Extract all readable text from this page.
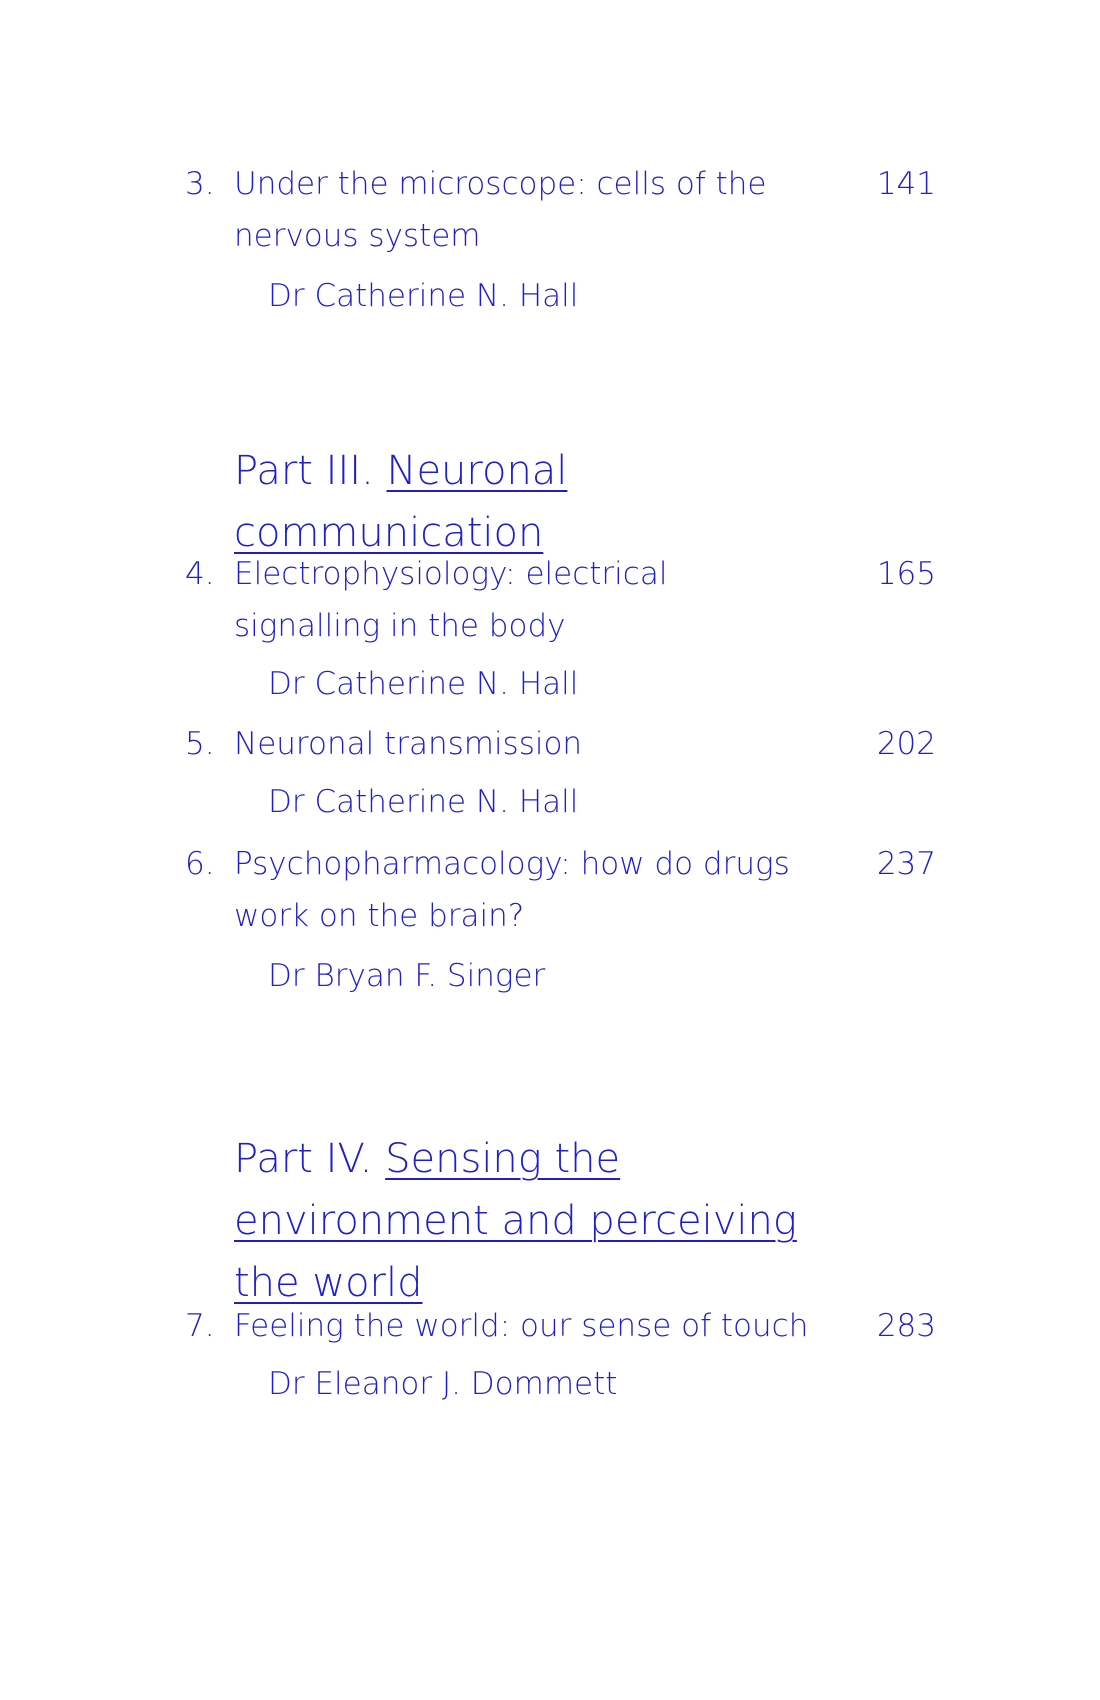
3. Under the microscope: cells of the nervous system
141
Dr Catherine N. Hall
Part III. Neuronal communication
4. Electrophysiology: electrical signalling in the body
165
Dr Catherine N. Hall
5. Neuronal transmission	202
Dr Catherine N. Hall
6. Psychopharmacology: how do drugs work on the brain?
237
Dr Bryan F. Singer
Part IV. Sensing the environment and perceiving the world
7. Feeling the world: our sense of touch 283
Dr Eleanor J. Dommett
